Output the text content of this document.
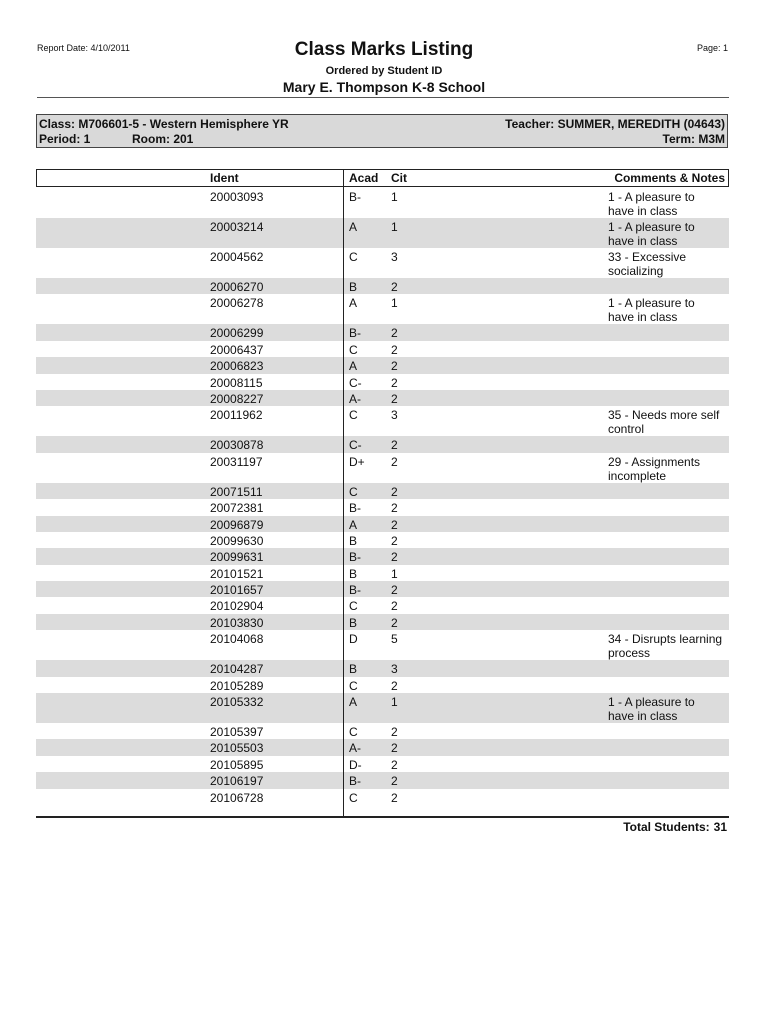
Report Date: 4/10/2011	Page: 1
Class Marks Listing
Ordered by Student ID
Mary E. Thompson K-8 School
Class: M706601-5 - Western Hemisphere YR	Teacher: SUMMER, MEREDITH (04643)
Period: 1	Room: 201	Term: M3M
Ident	Acad Cit	Comments & Notes
20003093	B-	1	1 - A pleasure to have in class
20003214	A	1	1 - A pleasure to have in class
20004562	C	3	33 - Excessive socializing
20006270	B	2
20006278	A	1	1 - A pleasure to have in class
20006299	B-	2
20006437	C	2
20006823	A	2
20008115	C- 2
20008227	A-	2
20011962	C	3	35 - Needs more self control
20030878	C- 2
20031197	D+ 2	29 - Assignments incomplete
20071511	C	2
20072381	B-	2
20096879	A	2
20099630	B	2
20099631	B-	2
20101521	B	1
20101657	B-	2
20102904	C	2
20103830	B	2
20104068	D	5	34 - Disrupts learning process
20104287	B	3
20105289	C	2
20105332	A	1	1 - A pleasure to have in class
20105397	C	2
20105503	A-	2
20105895	D- 2
20106197	B-	2
20106728	C	2
Total Students: 31
